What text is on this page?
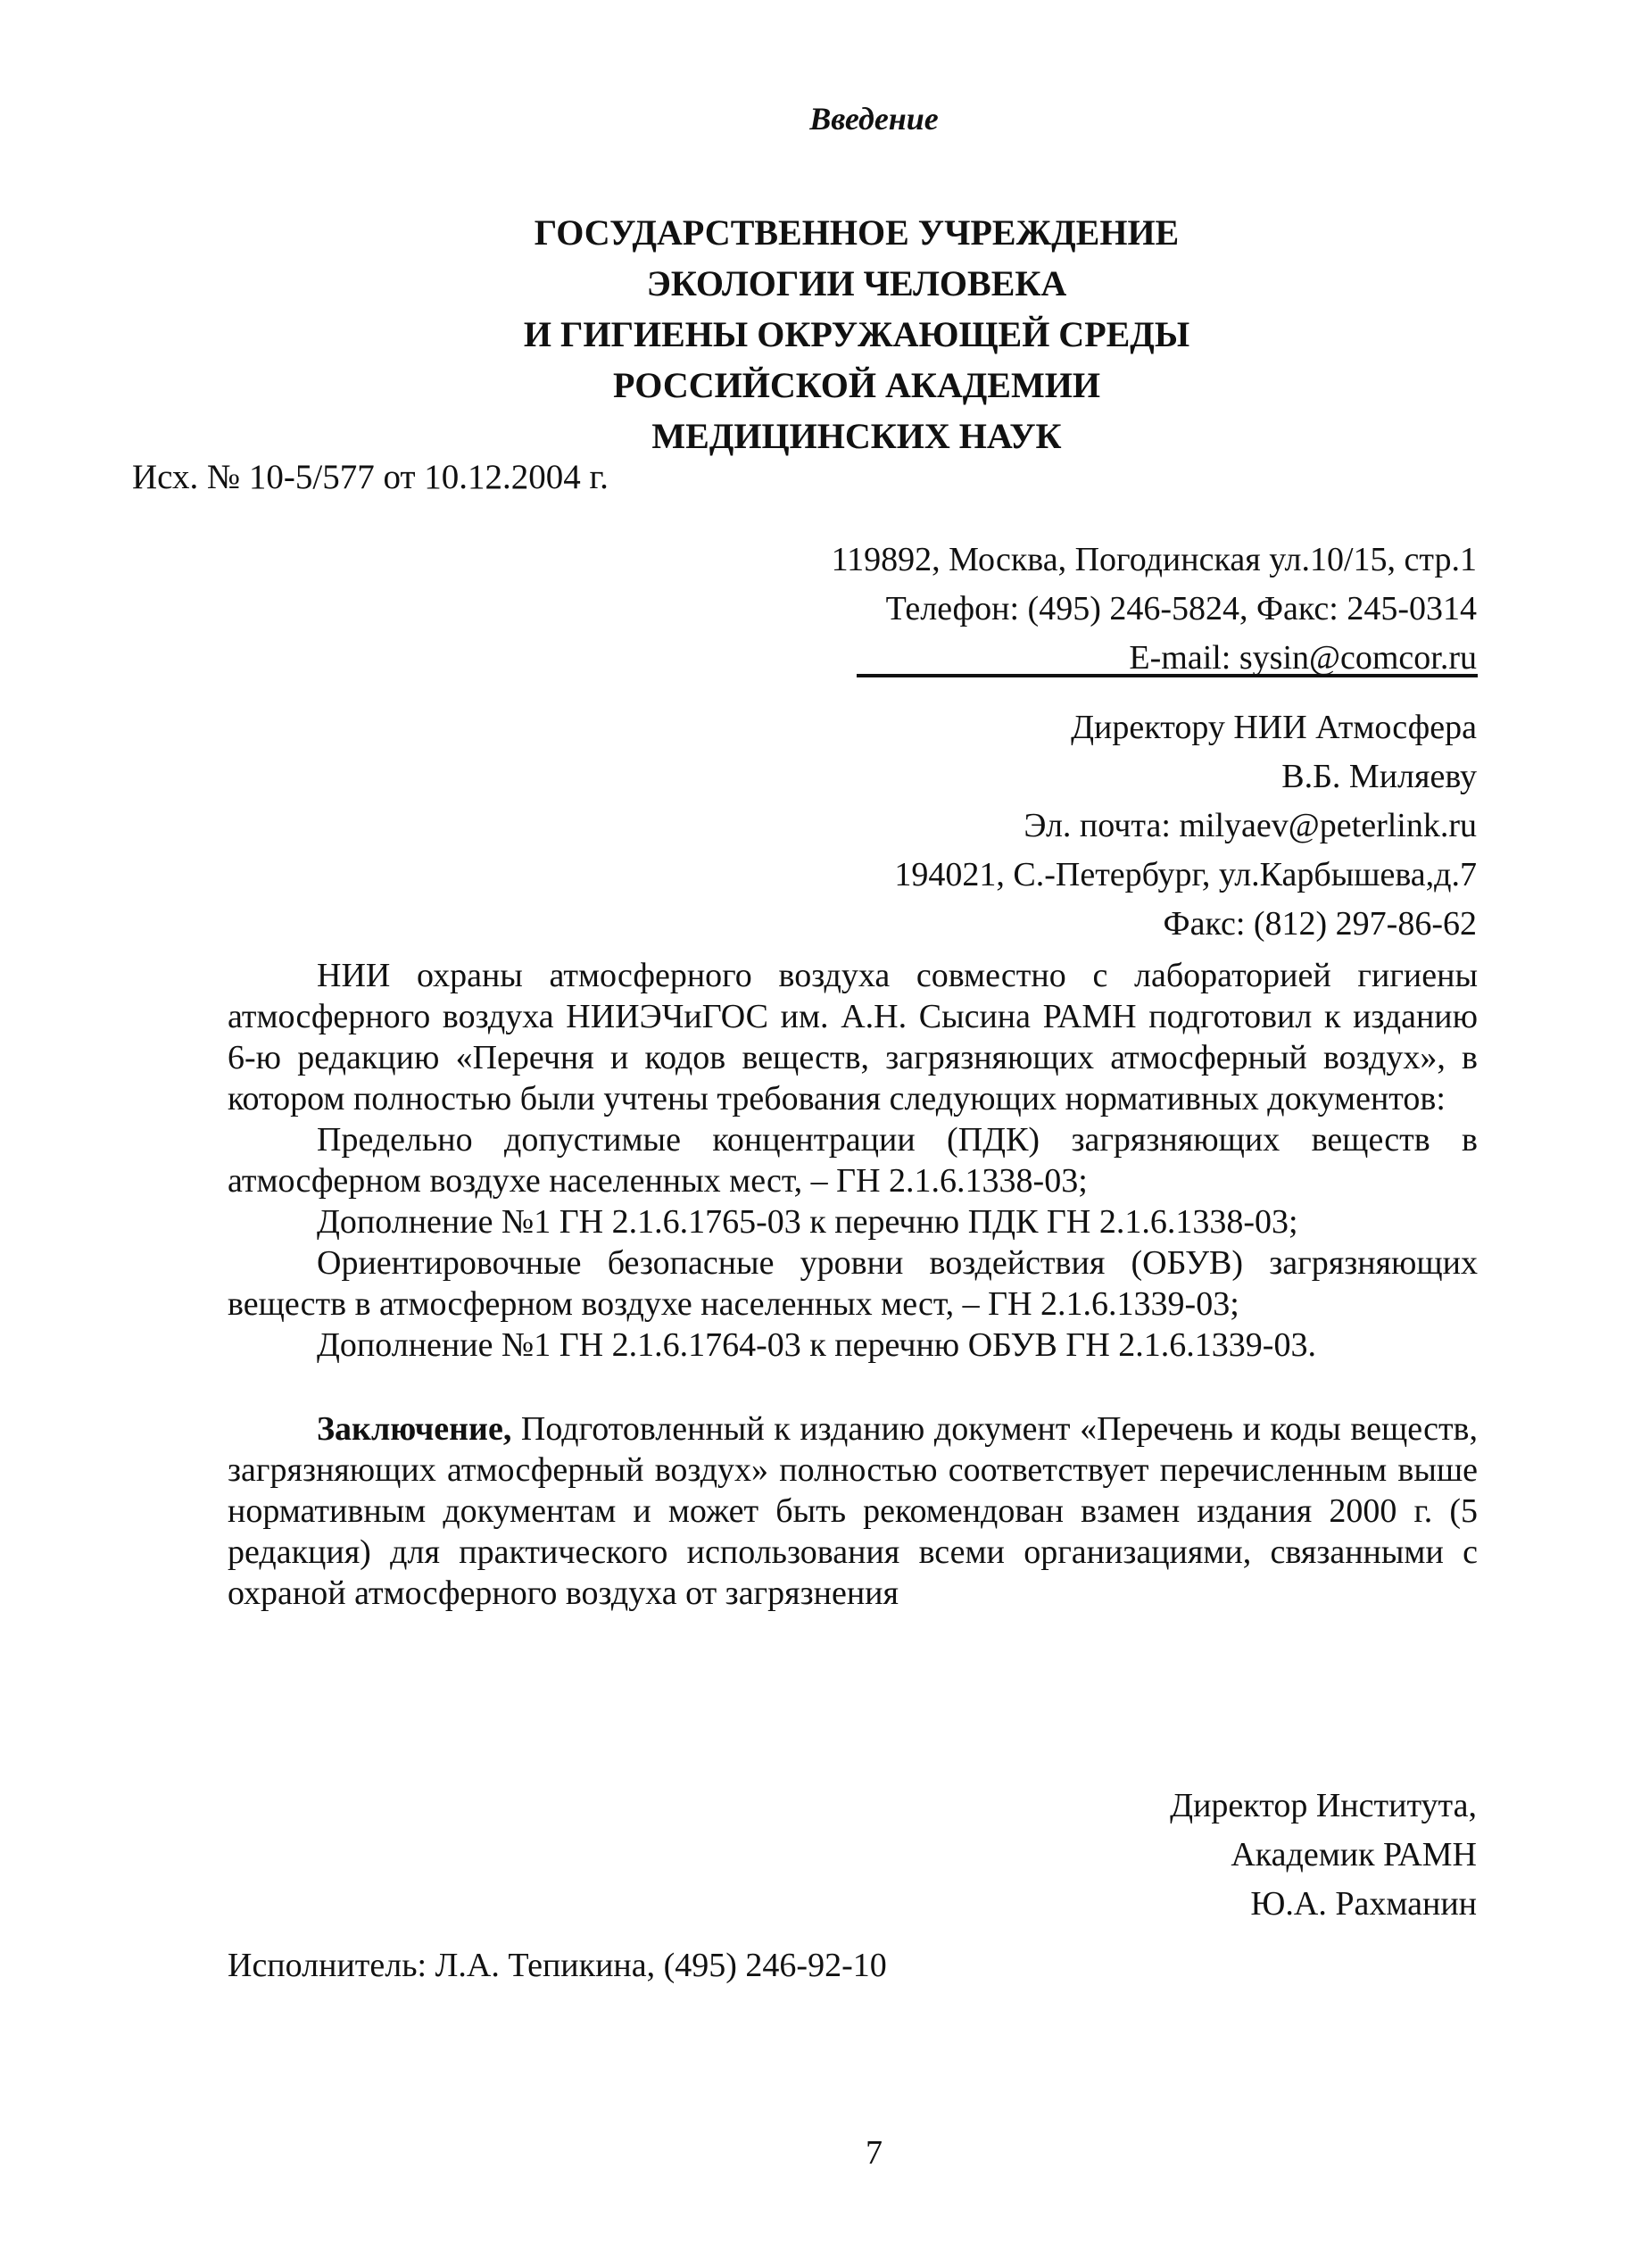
Введение
ГОСУДАРСТВЕННОЕ УЧРЕЖДЕНИЕ
ЭКОЛОГИИ ЧЕЛОВЕКА
И ГИГИЕНЫ ОКРУЖАЮЩЕЙ СРЕДЫ
РОССИЙСКОЙ АКАДЕМИИ
МЕДИЦИНСКИХ НАУК
Исх. № 10-5/577 от 10.12.2004 г.
119892, Москва, Погодинская ул.10/15, стр.1
Телефон: (495) 246-5824, Факс: 245-0314
E-mail: sysin@comcor.ru
Директору НИИ Атмосфера
В.Б. Миляеву
Эл. почта: milyaev@peterlink.ru
194021, С.-Петербург, ул.Карбышева,д.7
Факс: (812) 297-86-62

НИИ охраны атмосферного воздуха совместно с лабораторией гигиены атмосферного воздуха НИИЭЧиГОС им. А.Н. Сысина РАМН подготовил к изданию 6-ю редакцию «Перечня и кодов веществ, загрязняющих атмосферный воздух», в котором полностью были учтены требования следующих нормативных документов:

Предельно допустимые концентрации (ПДК) загрязняющих веществ в атмосферном воздухе населенных мест, – ГН 2.1.6.1338-03;

Дополнение №1 ГН 2.1.6.1765-03 к перечню ПДК ГН 2.1.6.1338-03;

Ориентировочные безопасные уровни воздействия (ОБУВ) загрязняющих веществ в атмосферном воздухе населенных мест, – ГН 2.1.6.1339-03;

Дополнение №1 ГН 2.1.6.1764-03 к перечню ОБУВ ГН 2.1.6.1339-03.

Заключение, Подготовленный к изданию документ «Перечень и коды веществ, загрязняющих атмосферный воздух» полностью соответствует перечисленным выше нормативным документам и может быть рекомендован взамен издания 2000 г. (5 редакция) для практического использования всеми организациями, связанными с охраной атмосферного воздуха от загрязнения
Директор Института,
Академик РАМН
Ю.А. Рахманин
Исполнитель: Л.А. Тепикина, (495) 246-92-10
7
